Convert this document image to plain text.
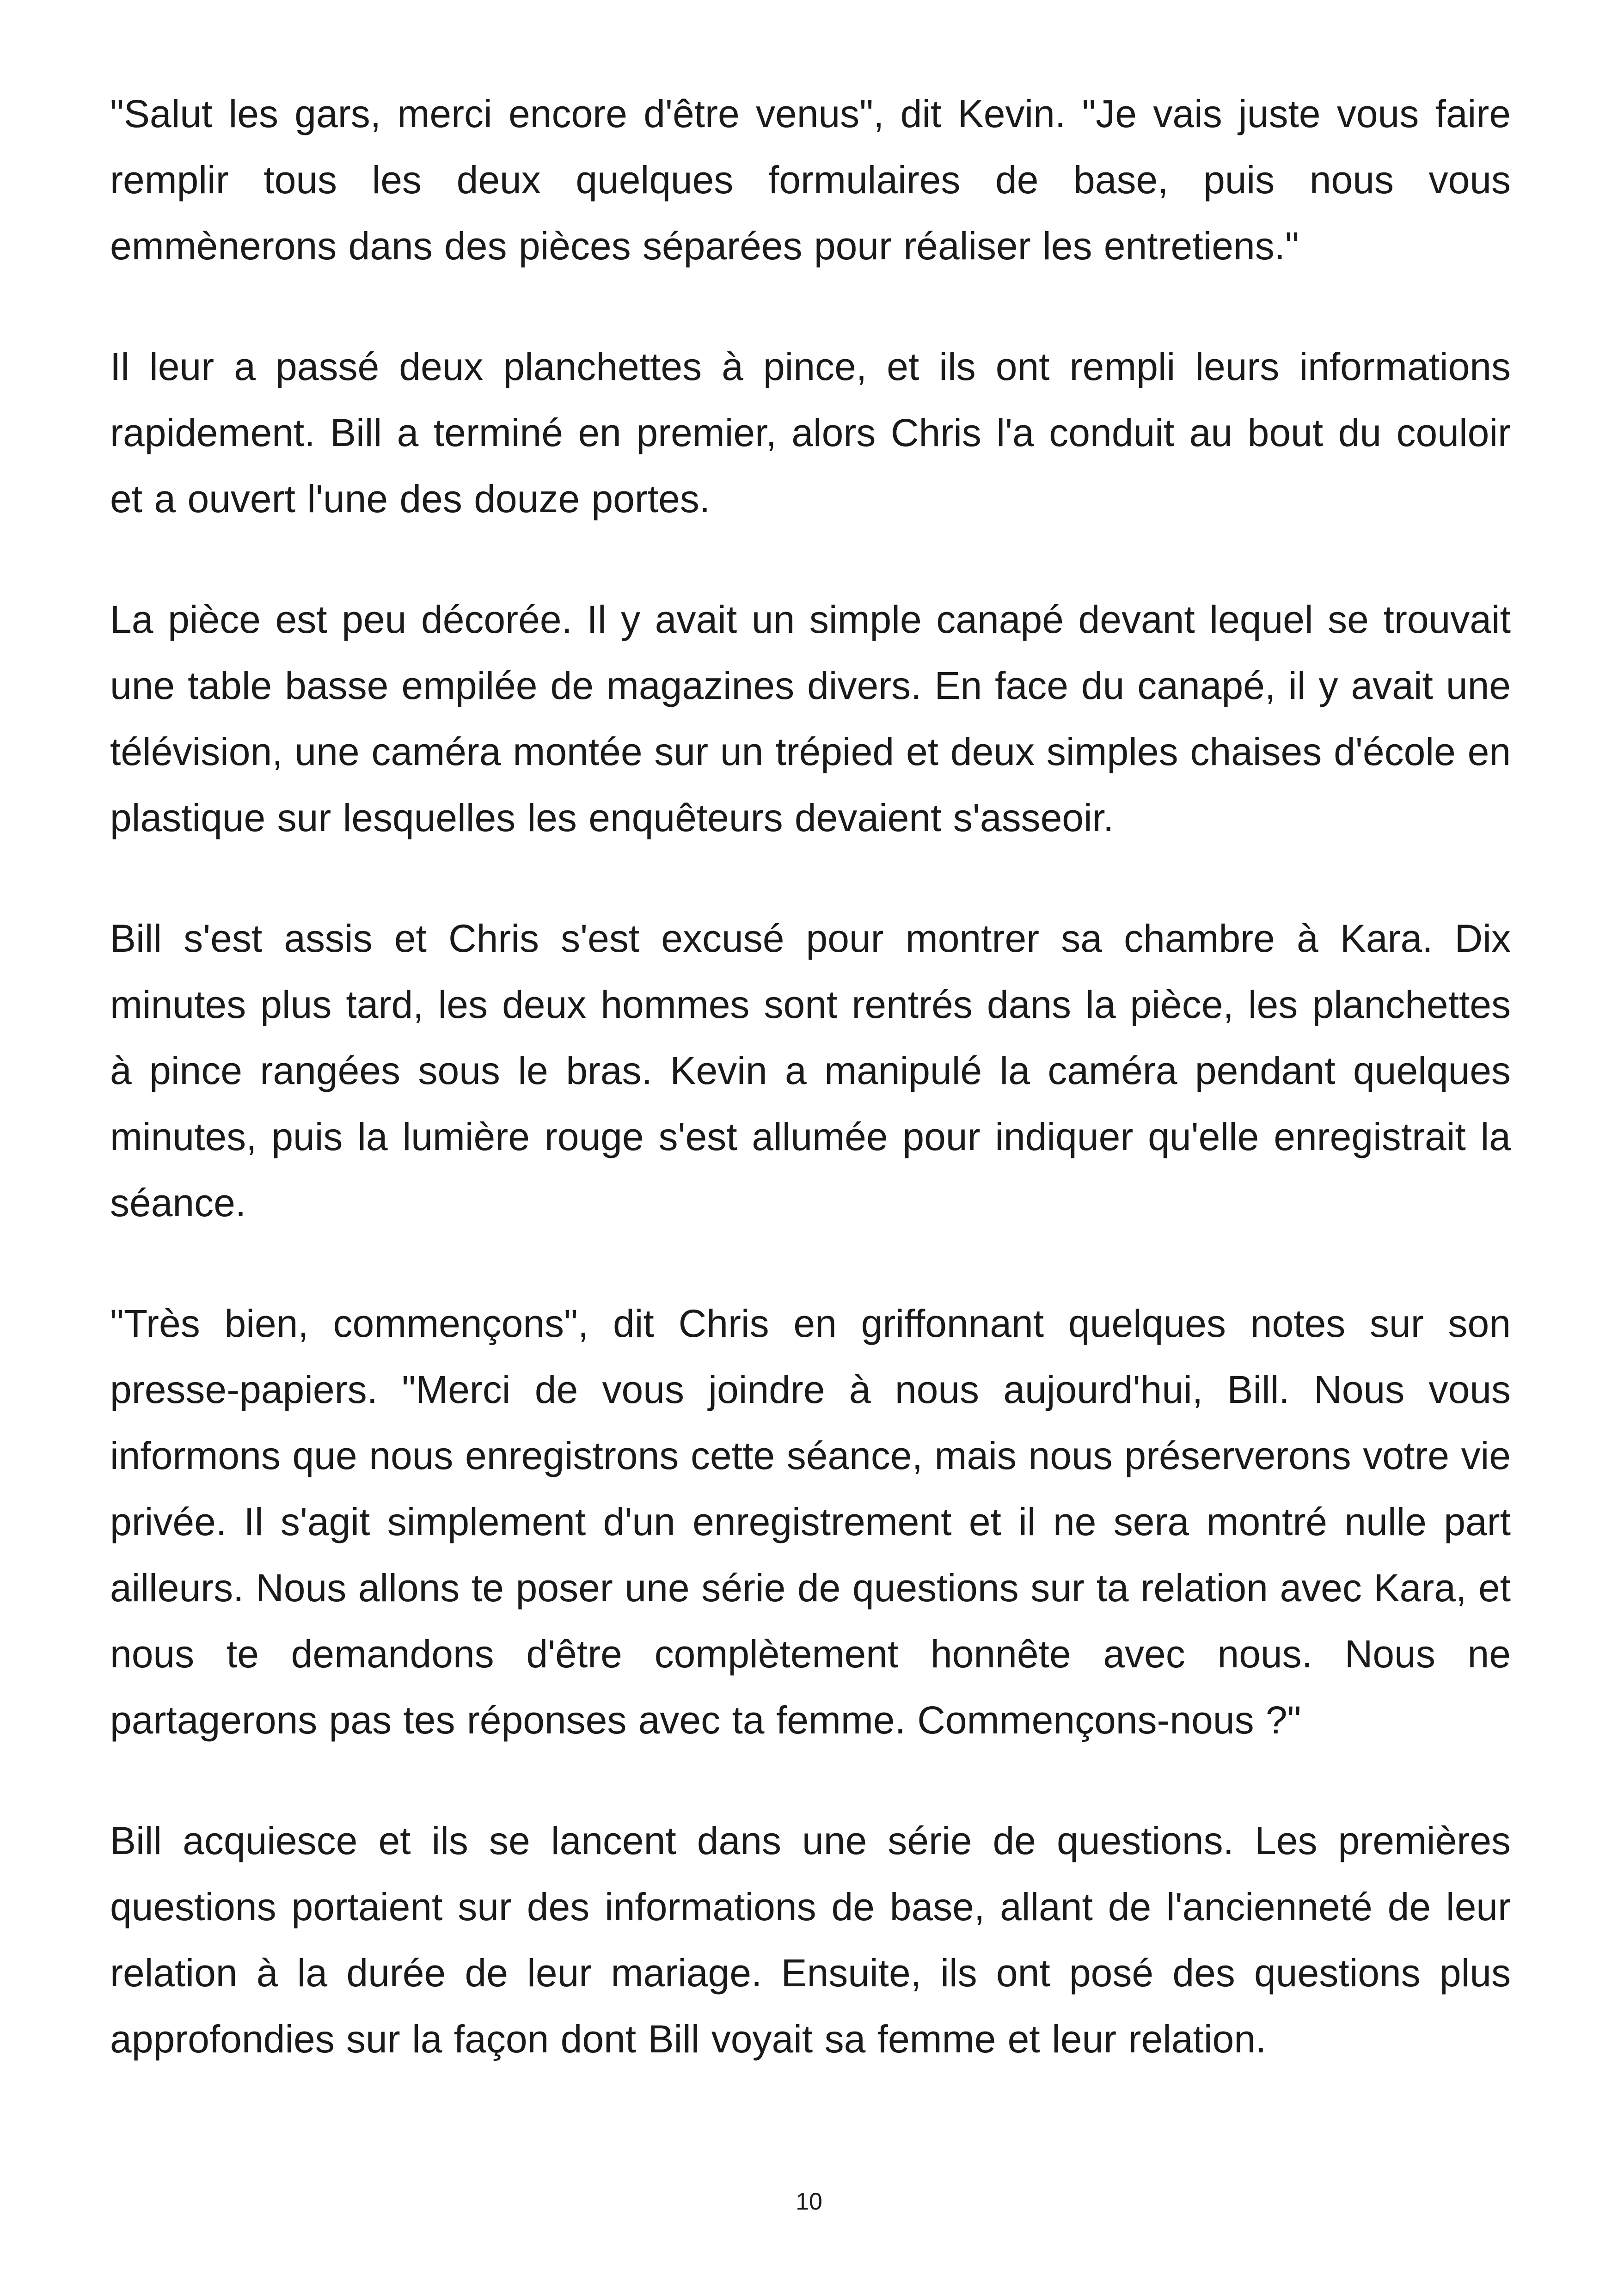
"Salut les gars, merci encore d'être venus", dit Kevin. "Je vais juste vous faire remplir tous les deux quelques formulaires de base, puis nous vous emmènerons dans des pièces séparées pour réaliser les entretiens."

Il leur a passé deux planchettes à pince, et ils ont rempli leurs informations rapidement. Bill a terminé en premier, alors Chris l'a conduit au bout du couloir et a ouvert l'une des douze portes.

La pièce est peu décorée. Il y avait un simple canapé devant lequel se trouvait une table basse empilée de magazines divers. En face du canapé, il y avait une télévision, une caméra montée sur un trépied et deux simples chaises d'école en plastique sur lesquelles les enquêteurs devaient s'asseoir.

Bill s'est assis et Chris s'est excusé pour montrer sa chambre à Kara. Dix minutes plus tard, les deux hommes sont rentrés dans la pièce, les planchettes à pince rangées sous le bras. Kevin a manipulé la caméra pendant quelques minutes, puis la lumière rouge s'est allumée pour indiquer qu'elle enregistrait la séance.

"Très bien, commençons", dit Chris en griffonnant quelques notes sur son presse-papiers. "Merci de vous joindre à nous aujourd'hui, Bill. Nous vous informons que nous enregistrons cette séance, mais nous préserverons votre vie privée. Il s'agit simplement d'un enregistrement et il ne sera montré nulle part ailleurs. Nous allons te poser une série de questions sur ta relation avec Kara, et nous te demandons d'être complètement honnête avec nous. Nous ne partagerons pas tes réponses avec ta femme. Commençons-nous ?"

Bill acquiesce et ils se lancent dans une série de questions. Les premières questions portaient sur des informations de base, allant de l'ancienneté de leur relation à la durée de leur mariage. Ensuite, ils ont posé des questions plus approfondies sur la façon dont Bill voyait sa femme et leur relation.

10
